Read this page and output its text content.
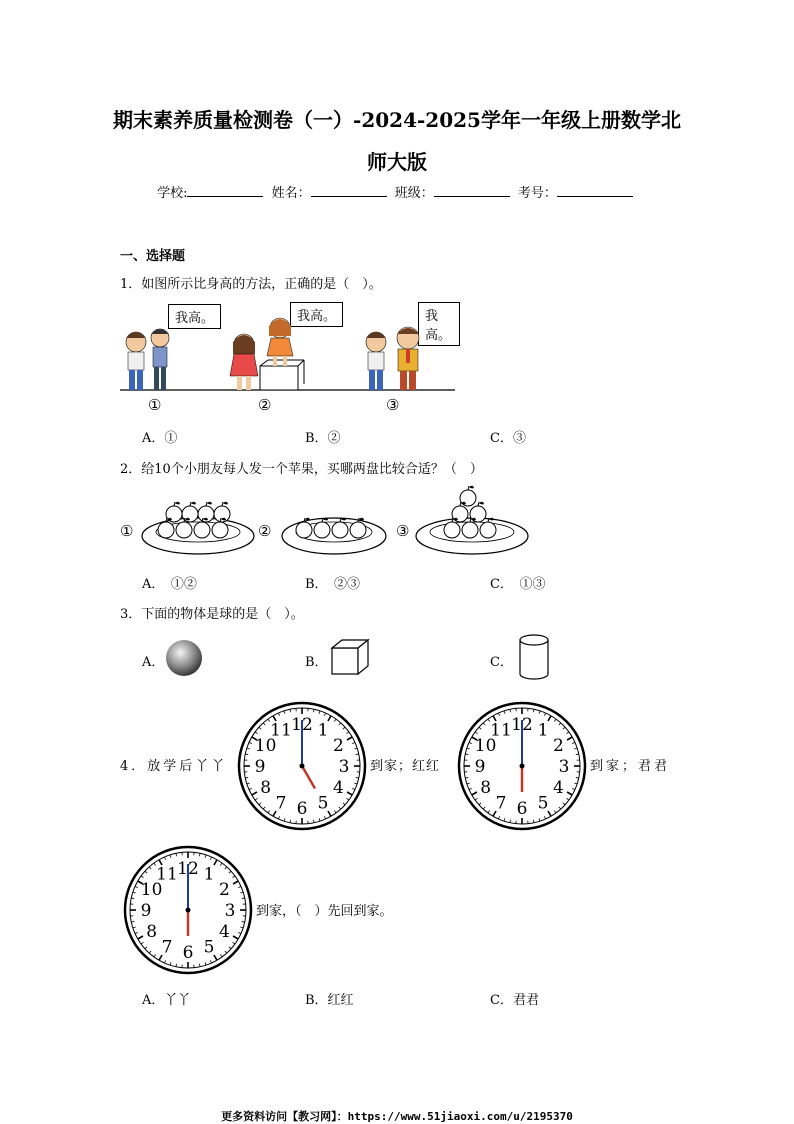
期末素养质量检测卷（一）-2024-2025学年一年级上册数学北
师大版
学校:	姓名：	班级：	考号：
一、选择题
1．如图所示比身高的方法，正确的是（　）。
我高。	我高。	我高。
①	②	③
A．①	B．②	C．③
2．给10个小朋友每人发一个苹果，买哪两盘比较合适？（　）
①	②	③
A．　①②	B．　②③	C．　①③
3．下面的物体是球的是（　）。
A．	B．	C．
4．放学后丫丫
12 1
2
3
4
5
6
7
8
9
10
11
到家；红红
12 1
2
3
4
5
6
7
8
9
10
11
到家；君君
12 1
2
3
4
5
6
7
8
9
10
11
到家，（　）先回到家。
A．丫丫	B．红红	C．君君
更多资料访问【教习网】：https://www.51jiaoxi.com/u/2195370
